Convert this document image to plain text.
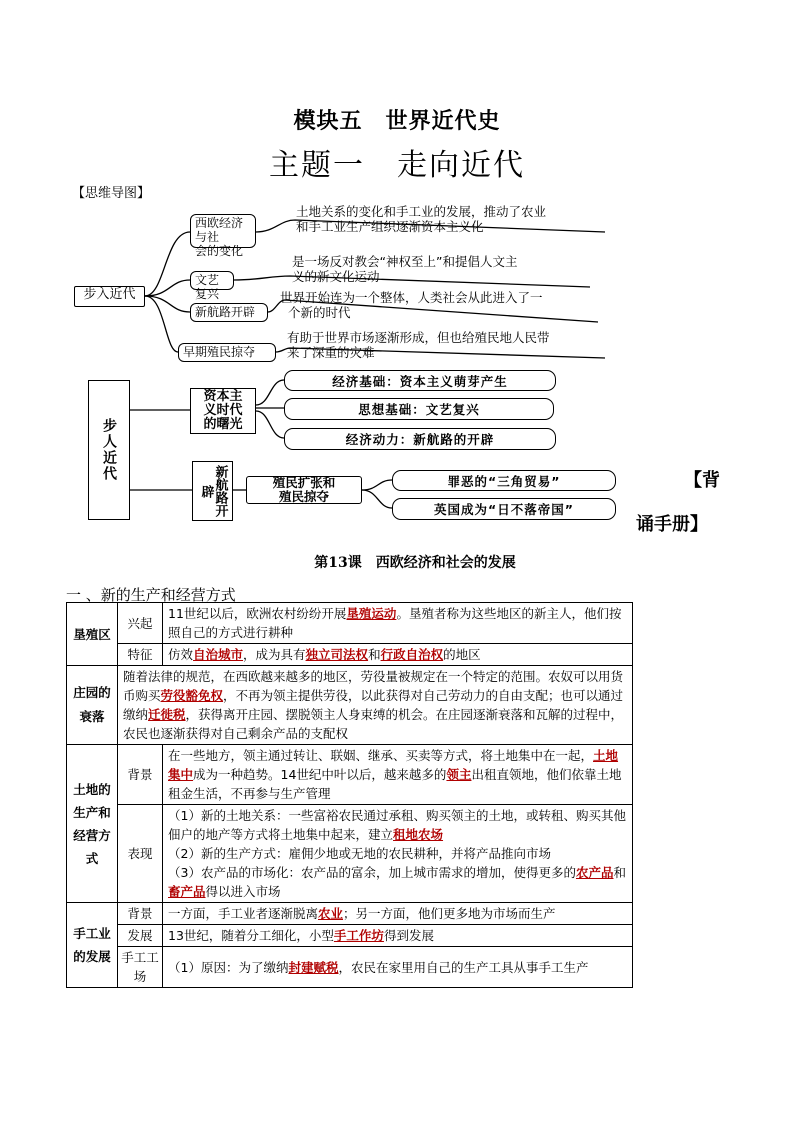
模块五　世界近代史
主题一　走向近代
【思维导图】
步入近代
西欧经济与社
会的变化
土地关系的变化和手工业的发展，推动了农业
和手工业生产组织逐渐资本主义化
文艺复兴
是一场反对教会“神权至上”和提倡人文主
义的新文化运动
新航路开辟
世界开始连为一个整体，人类社会从此进入了一
个新的时代
早期殖民掠夺
有助于世界市场逐渐形成，但也给殖民地人民带
来了深重的灾难
步人近代
资本主
义时代
的曙光
经济基础：资本主义萌芽产生
思想基础：文艺复兴
经济动力：新航路的开辟
新航路开辟
殖民扩张和
殖民掠夺
罪恶的“三角贸易”
英国成为“日不落帝国”
【背
诵手册】
第13课　西欧经济和社会的发展
一 、新的生产和经营方式
垦殖区	兴起	11世纪以后，欧洲农村纷纷开展垦殖运动。垦殖者称为这些地区的新主人，他们按照自己的方式进行耕种
	特征	仿效自治城市，成为具有独立司法权和行政自治权的地区
庄园的衰落	随着法律的规范，在西欧越来越多的地区，劳役量被规定在一个特定的范围。农奴可以用货币购买劳役豁免权，不再为领主提供劳役，以此获得对自己劳动力的自由支配；也可以通过缴纳迁徙税，获得离开庄园、摆脱领主人身束缚的机会。在庄园逐渐衰落和瓦解的过程中，农民也逐渐获得对自己剩余产品的支配权	
土地的生产和经营方式	背景	在一些地方，领主通过转让、联姻、继承、买卖等方式，将土地集中在一起，土地集中成为一种趋势。14世纪中叶以后，越来越多的领主出租直领地，他们依靠土地租金生活，不再参与生产管理
	表现	（1）新的土地关系：一些富裕农民通过承租、购买领主的土地，或转租、购买其他佃户的地产等方式将土地集中起来，建立租地农场
（2）新的生产方式：雇佣少地或无地的农民耕种，并将产品推向市场
（3）农产品的市场化：农产品的富余，加上城市需求的增加，使得更多的农产品和畜产品得以进入市场
手工业的发展	背景	一方面，手工业者逐渐脱离农业；另一方面，他们更多地为市场而生产
	发展	13世纪，随着分工细化，小型手工作坊得到发展
	手工工场	（1）原因：为了缴纳封建赋税，农民在家里用自己的生产工具从事手工生产
